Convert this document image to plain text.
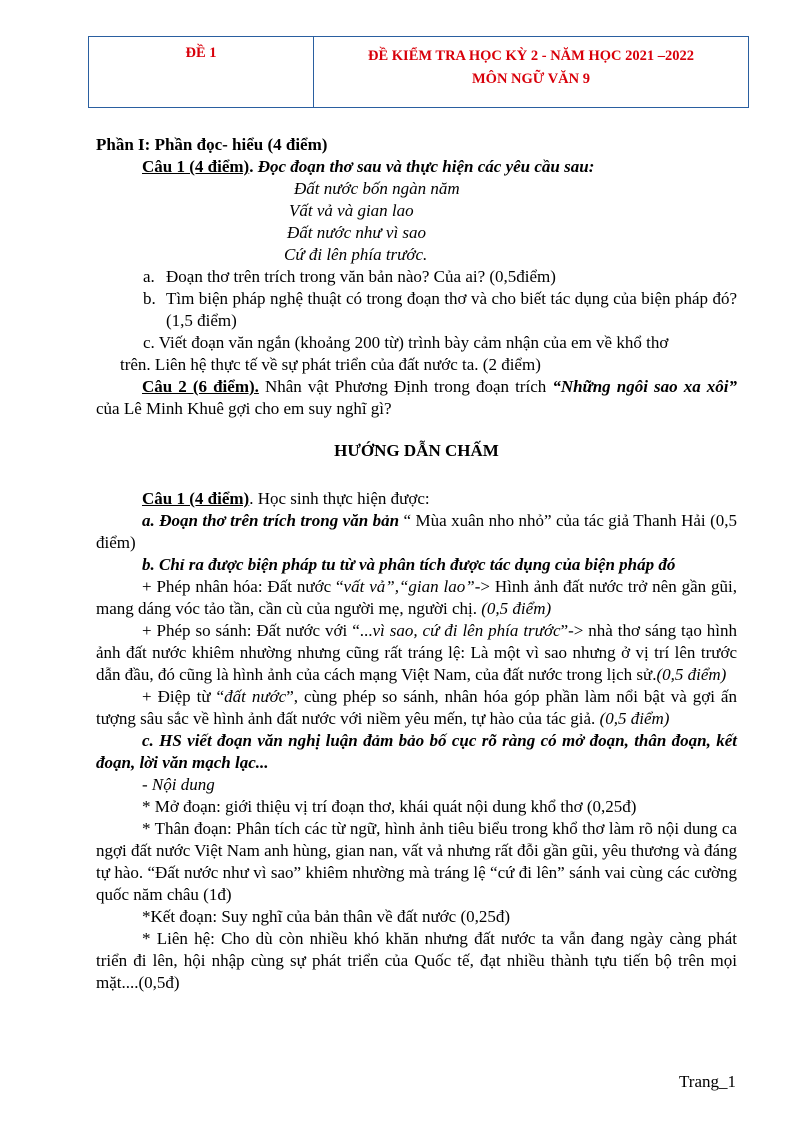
ĐỀ 1	ĐỀ KIỂM TRA HỌC KỲ 2 - NĂM HỌC 2021 –2022
MÔN NGỮ VĂN 9

Phần I: Phần đọc- hiểu (4 điểm)

Câu 1 (4 điểm). Đọc đoạn thơ sau và thực hiện các yêu cầu sau:

Đất nước bốn ngàn năm

Vất vả và gian lao

Đất nước như vì sao

Cứ đi lên phía trước.

a. Đoạn thơ trên trích trong văn bản nào? Của ai? (0,5điểm)
b. Tìm biện pháp nghệ thuật có trong đoạn thơ và cho biết tác dụng của biện pháp đó? (1,5 điểm)

c. Viết đoạn văn ngắn (khoảng 200 từ) trình bày cảm nhận của em về khổ thơ

trên. Liên hệ thực tế về sự phát triển của đất nước ta. (2 điểm)

Câu 2 (6 điểm). Nhân vật Phương Định trong đoạn trích “Những ngôi sao xa xôi” của Lê Minh Khuê gợi cho em suy nghĩ gì?

HƯỚNG DẪN CHẤM

Câu 1 (4 điểm). Học sinh thực hiện được:

a. Đoạn thơ trên trích trong văn bản “ Mùa xuân nho nhỏ” của tác giả Thanh Hải (0,5 điểm)

b. Chỉ ra được biện pháp tu từ và phân tích được tác dụng của biện pháp đó

+ Phép nhân hóa: Đất nước “vất vả”,“gian lao”-> Hình ảnh đất nước trở nên gần gũi, mang dáng vóc tảo tần, cần cù của người mẹ, người chị. (0,5 điểm)

+ Phép so sánh: Đất nước với “...vì sao, cứ đi lên phía trước”-> nhà thơ sáng tạo hình ảnh đất nước khiêm nhường nhưng cũng rất tráng lệ: Là một vì sao nhưng ở vị trí lên trước dẫn đầu, đó cũng là hình ảnh của cách mạng Việt Nam, của đất nước trong lịch sử.(0,5 điểm)

+ Điệp từ “đất nước”, cùng phép so sánh, nhân hóa góp phần làm nổi bật và gợi ấn tượng sâu sắc về hình ảnh đất nước với niềm yêu mến, tự hào của tác giả. (0,5 điểm)

c. HS viết đoạn văn nghị luận đảm bảo bố cục rõ ràng có mở đoạn, thân đoạn, kết đoạn, lời văn mạch lạc...

- Nội dung

* Mở đoạn: giới thiệu vị trí đoạn thơ, khái quát nội dung khổ thơ (0,25đ)

* Thân đoạn: Phân tích các từ ngữ, hình ảnh tiêu biểu trong khổ thơ làm rõ nội dung ca ngợi đất nước Việt Nam anh hùng, gian nan, vất vả nhưng rất đỗi gần gũi, yêu thương và đáng tự hào. “Đất nước như vì sao” khiêm nhường mà tráng lệ “cứ đi lên” sánh vai cùng các cường quốc năm châu (1đ)

*Kết đoạn: Suy nghĩ của bản thân về đất nước (0,25đ)

* Liên hệ: Cho dù còn nhiều khó khăn nhưng đất nước ta vẫn đang ngày càng phát triển đi lên, hội nhập cùng sự phát triển của Quốc tế, đạt nhiều thành tựu tiến bộ trên mọi mặt....(0,5đ)

Trang_1
